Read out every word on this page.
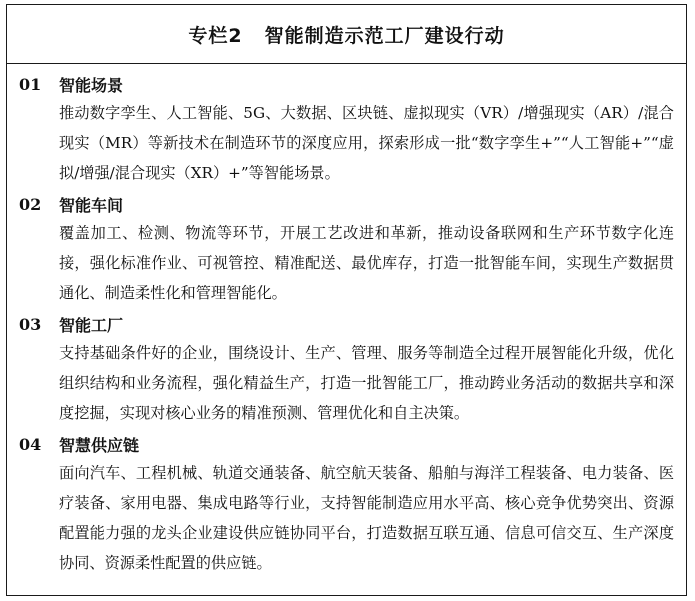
专栏2 智能制造示范工厂建设行动
01	智能场景
推动数字孪生、人工智能、5G、大数据、区块链、虚拟现实（VR）/增强现实（AR）/混合现实（MR）等新技术在制造环节的深度应用，探索形成一批“数字孪生+”“人工智能+”“虚拟/增强/混合现实（XR）+”等智能场景。
02	智能车间
覆盖加工、检测、物流等环节，开展工艺改进和革新，推动设备联网和生产环节数字化连接，强化标准作业、可视管控、精准配送、最优库存，打造一批智能车间，实现生产数据贯通化、制造柔性化和管理智能化。
03	智能工厂
支持基础条件好的企业，围绕设计、生产、管理、服务等制造全过程开展智能化升级，优化组织结构和业务流程，强化精益生产，打造一批智能工厂，推动跨业务活动的数据共享和深度挖掘，实现对核心业务的精准预测、管理优化和自主决策。
04	智慧供应链
面向汽车、工程机械、轨道交通装备、航空航天装备、船舶与海洋工程装备、电力装备、医疗装备、家用电器、集成电路等行业，支持智能制造应用水平高、核心竞争优势突出、资源配置能力强的龙头企业建设供应链协同平台，打造数据互联互通、信息可信交互、生产深度协同、资源柔性配置的供应链。
